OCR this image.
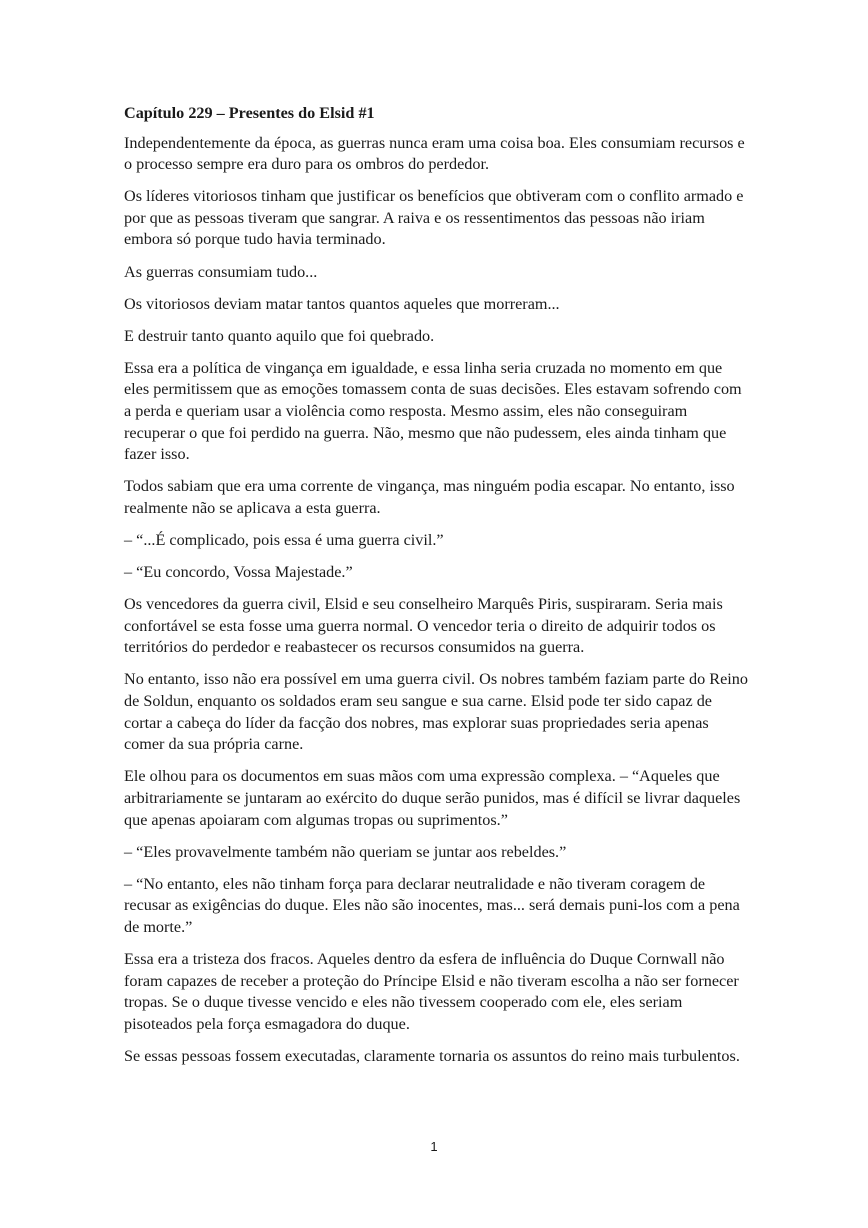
Capítulo 229 – Presentes do Elsid #1

Independentemente da época, as guerras nunca eram uma coisa boa. Eles consumiam recursos e o processo sempre era duro para os ombros do perdedor.

Os líderes vitoriosos tinham que justificar os benefícios que obtiveram com o conflito armado e por que as pessoas tiveram que sangrar. A raiva e os ressentimentos das pessoas não iriam embora só porque tudo havia terminado.

As guerras consumiam tudo...

Os vitoriosos deviam matar tantos quantos aqueles que morreram...

E destruir tanto quanto aquilo que foi quebrado.

Essa era a política de vingança em igualdade, e essa linha seria cruzada no momento em que eles permitissem que as emoções tomassem conta de suas decisões. Eles estavam sofrendo com a perda e queriam usar a violência como resposta. Mesmo assim, eles não conseguiram recuperar o que foi perdido na guerra. Não, mesmo que não pudessem, eles ainda tinham que fazer isso.

Todos sabiam que era uma corrente de vingança, mas ninguém podia escapar. No entanto, isso realmente não se aplicava a esta guerra.

– “...É complicado, pois essa é uma guerra civil.”

– “Eu concordo, Vossa Majestade.”

Os vencedores da guerra civil, Elsid e seu conselheiro Marquês Piris, suspiraram. Seria mais confortável se esta fosse uma guerra normal. O vencedor teria o direito de adquirir todos os territórios do perdedor e reabastecer os recursos consumidos na guerra.

No entanto, isso não era possível em uma guerra civil. Os nobres também faziam parte do Reino de Soldun, enquanto os soldados eram seu sangue e sua carne. Elsid pode ter sido capaz de cortar a cabeça do líder da facção dos nobres, mas explorar suas propriedades seria apenas comer da sua própria carne.

Ele olhou para os documentos em suas mãos com uma expressão complexa. – “Aqueles que arbitrariamente se juntaram ao exército do duque serão punidos, mas é difícil se livrar daqueles que apenas apoiaram com algumas tropas ou suprimentos.”

– “Eles provavelmente também não queriam se juntar aos rebeldes.”

– “No entanto, eles não tinham força para declarar neutralidade e não tiveram coragem de recusar as exigências do duque. Eles não são inocentes, mas... será demais puni-los com a pena de morte.”

Essa era a tristeza dos fracos. Aqueles dentro da esfera de influência do Duque Cornwall não foram capazes de receber a proteção do Príncipe Elsid e não tiveram escolha a não ser fornecer tropas. Se o duque tivesse vencido e eles não tivessem cooperado com ele, eles seriam pisoteados pela força esmagadora do duque.

Se essas pessoas fossem executadas, claramente tornaria os assuntos do reino mais turbulentos.

1
